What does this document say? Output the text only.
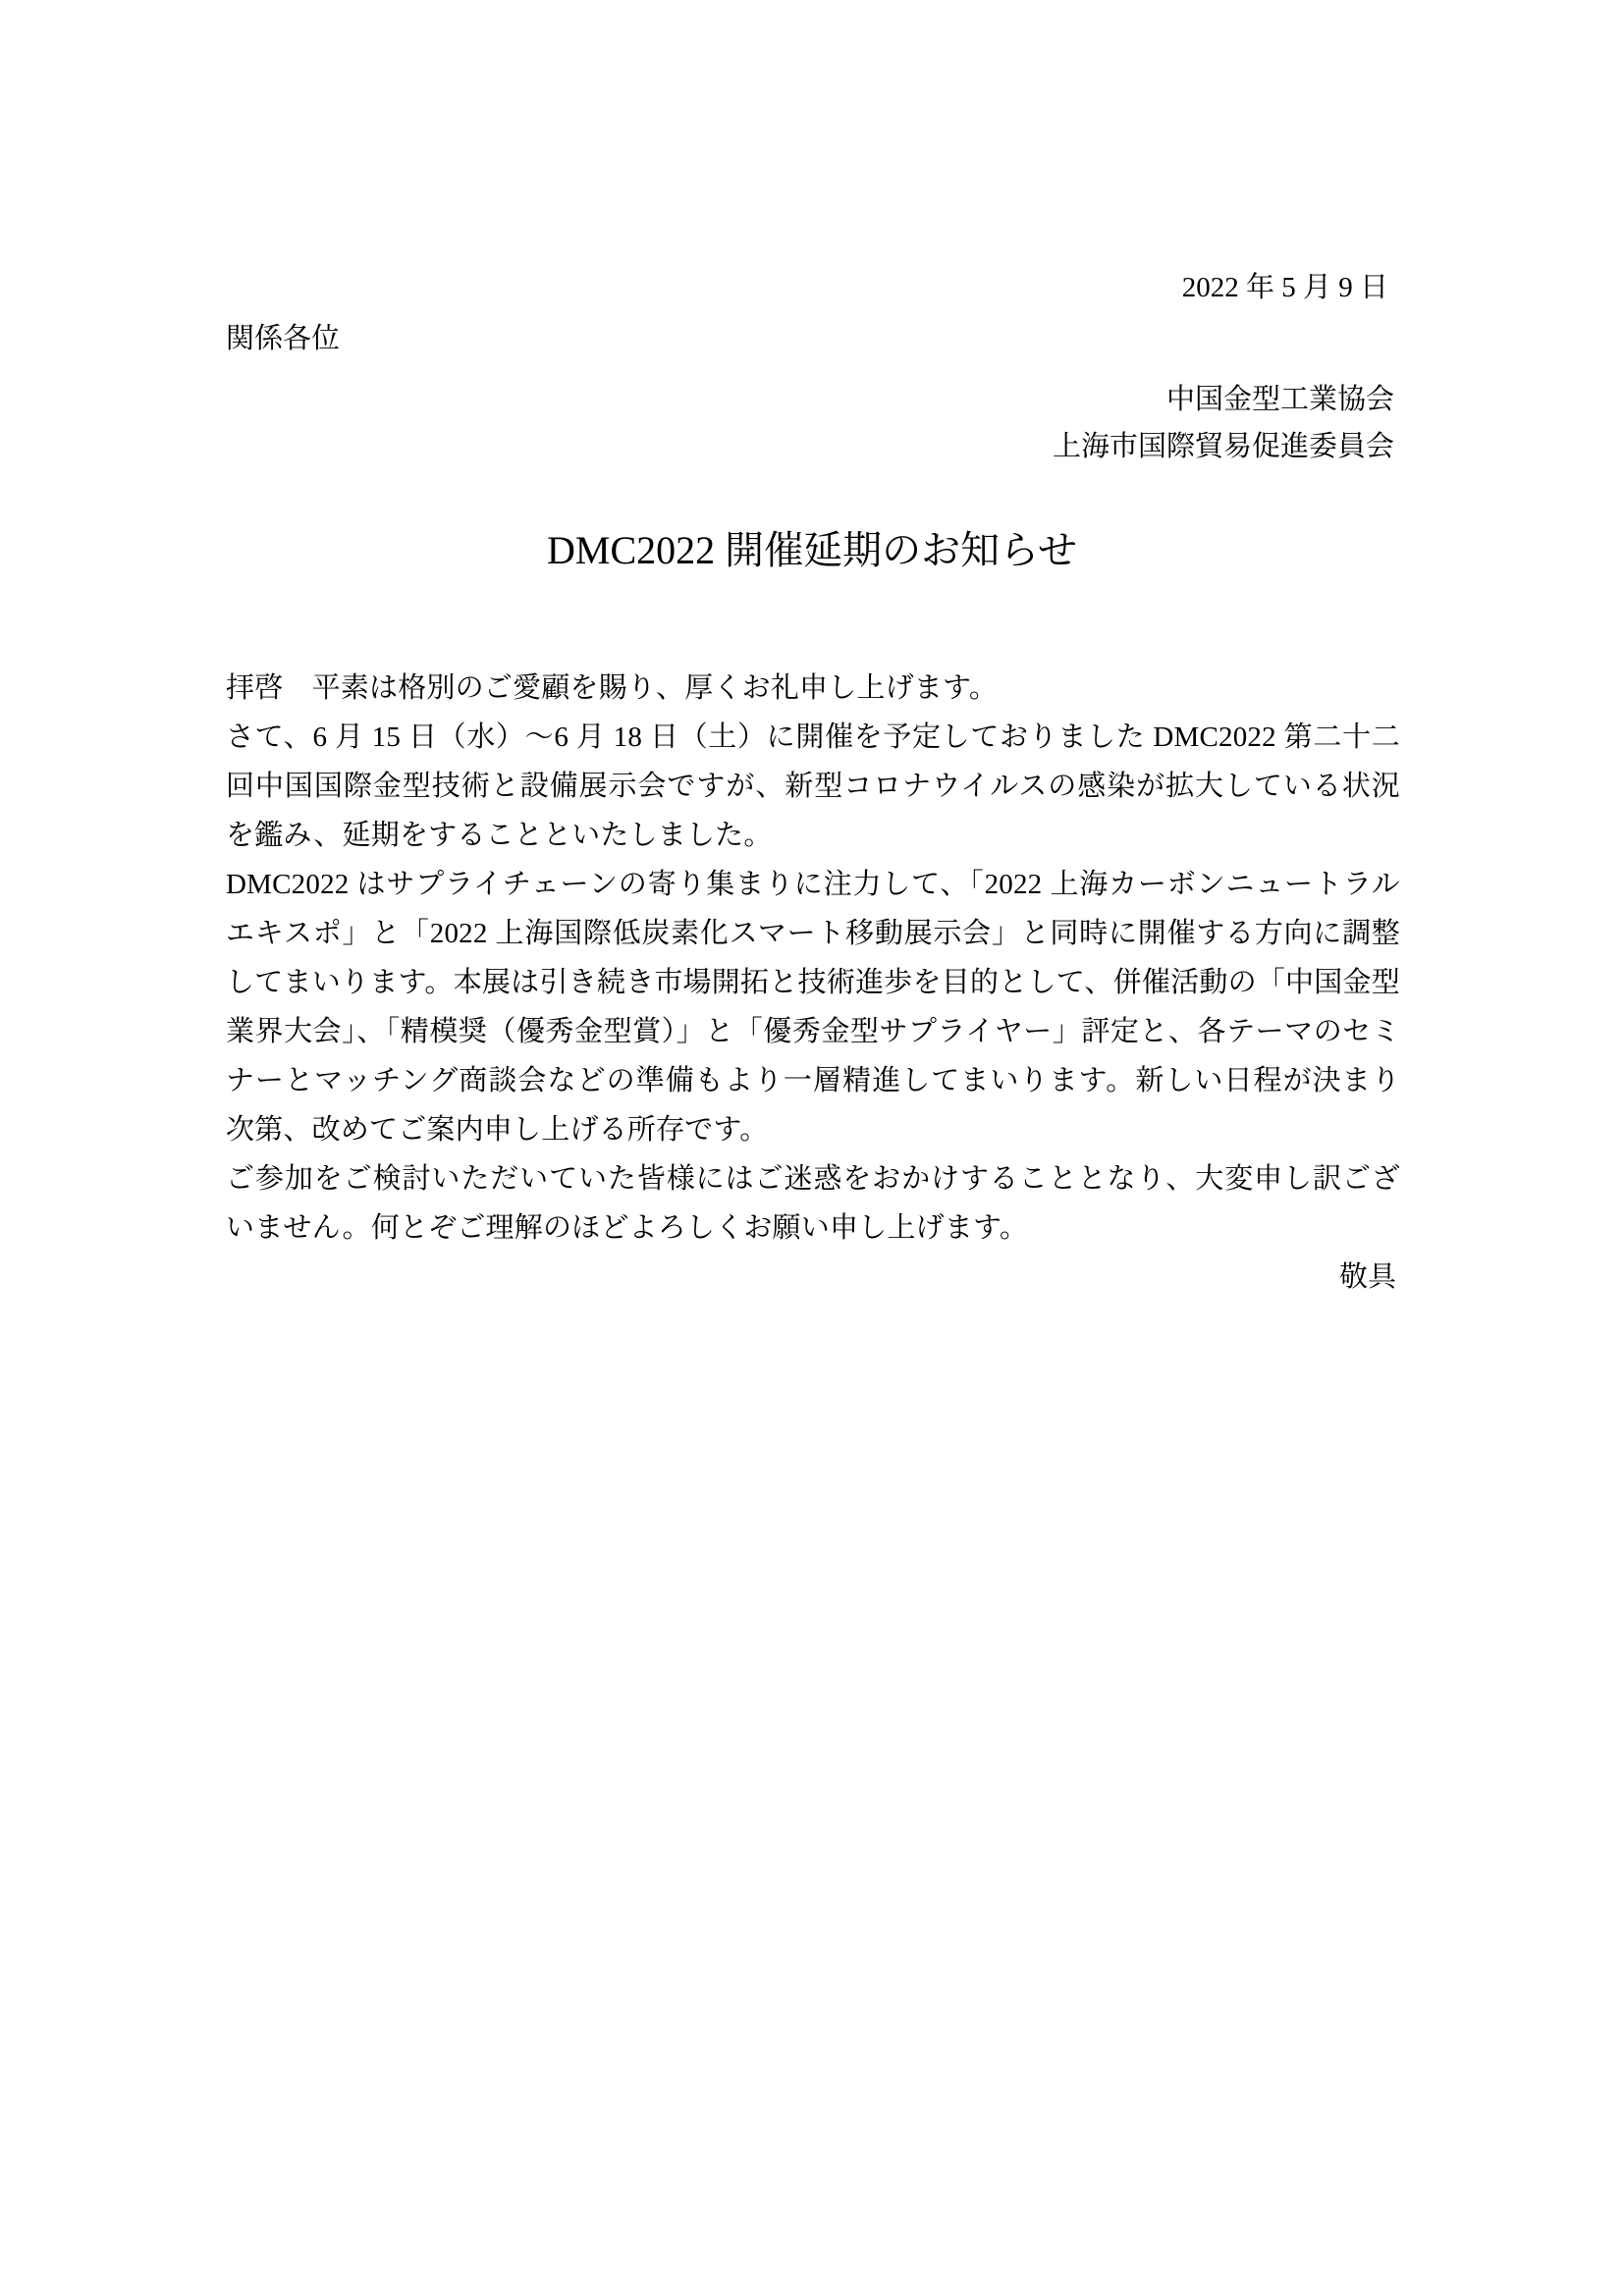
2022 年 5 月 9 日
関係各位
中国金型工業協会
上海市国際貿易促進委員会
DMC2022 開催延期のお知らせ
拝啓　平素は格別のご愛顧を賜り、厚くお礼申し上げます。
さて、6 月 15 日（水）～6 月 18 日（土）に開催を予定しておりました DMC2022 第二十二
回中国国際金型技術と設備展示会ですが、新型コロナウイルスの感染が拡大している状況
を鑑み、延期をすることといたしました。
DMC2022 はサプライチェーンの寄り集まりに注力して、「2022 上海カーボンニュートラル
エキスポ」と「2022 上海国際低炭素化スマート移動展示会」と同時に開催する方向に調整
してまいります。本展は引き続き市場開拓と技術進歩を目的として、併催活動の「中国金型
業界大会」、「精模奨（優秀金型賞）」と「優秀金型サプライヤー」評定と、各テーマのセミ
ナーとマッチング商談会などの準備もより一層精進してまいります。新しい日程が決まり
次第、改めてご案内申し上げる所存です。
ご参加をご検討いただいていた皆様にはご迷惑をおかけすることとなり、大変申し訳ござ
いません。何とぞご理解のほどよろしくお願い申し上げます。
敬具
